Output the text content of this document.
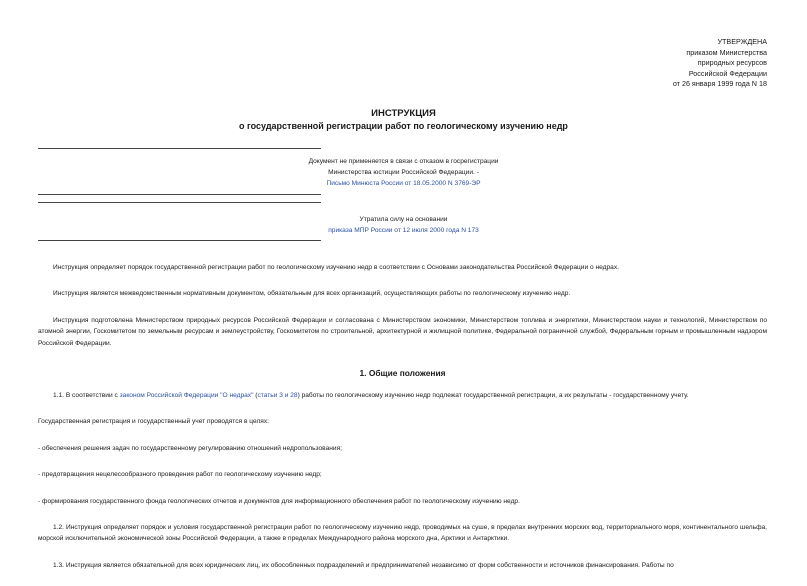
УТВЕРЖДЕНА
приказом Министерства
природных ресурсов
Российской Федерации
от 26 января 1999 года N 18
ИНСТРУКЦИЯ
о государственной регистрации работ по геологическому изучению недр
Документ не применяется в связи с отказом в госрегистрации
Министерства юстиции Российской Федерации. -
Письмо Минюста России от 18.05.2000 N 3769-ЭР
Утратила силу на основании
приказа МПР России от 12 июля 2000 года N 173

Инструкция определяет порядок государственной регистрации работ по геологическому изучению недр в соответствии с Основами законодательства Российской Федерации о недрах.

Инструкция является межведомственным нормативным документом, обязательным для всех организаций, осуществляющих работы по геологическому изучению недр.

Инструкция подготовлена Министерством природных ресурсов Российской Федерации и согласована с Министерством экономики, Министерством топлива и энергетики, Министерством науки и технологий, Министерством по атомной энергии, Госкомитетом по земельным ресурсам и землеустройству, Госкомитетом по строительной, архитектурной и жилищной политике, Федеральной пограничной службой, Федеральным горным и промышленным надзором Российской Федерации.

1. Общие положения

1.1. В соответствии с законом Российской Федерации "О недрах" (статьи 3 и 28) работы по геологическому изучению недр подлежат государственной регистрации, а их результаты - государственному учету.

Государственная регистрация и государственный учет проводятся в целях:

- обеспечения решения задач по государственному регулированию отношений недропользования;

- предотвращения нецелесообразного проведения работ по геологическому изучению недр;

- формирования государственного фонда геологических отчетов и документов для информационного обеспечения работ по геологическому изучению недр.

1.2. Инструкция определяет порядок и условия государственной регистрации работ по геологическому изучению недр, проводимых на суше, в пределах внутренних морских вод, территориального моря, континентального шельфа, морской исключительной экономической зоны Российской Федерации, а также в пределах Международного района морского дна, Арктики и Антарктики.

1.3. Инструкция является обязательной для всех юридических лиц, их обособленных подразделений и предпринимателей независимо от форм собственности и источников финансирования. Работы по
